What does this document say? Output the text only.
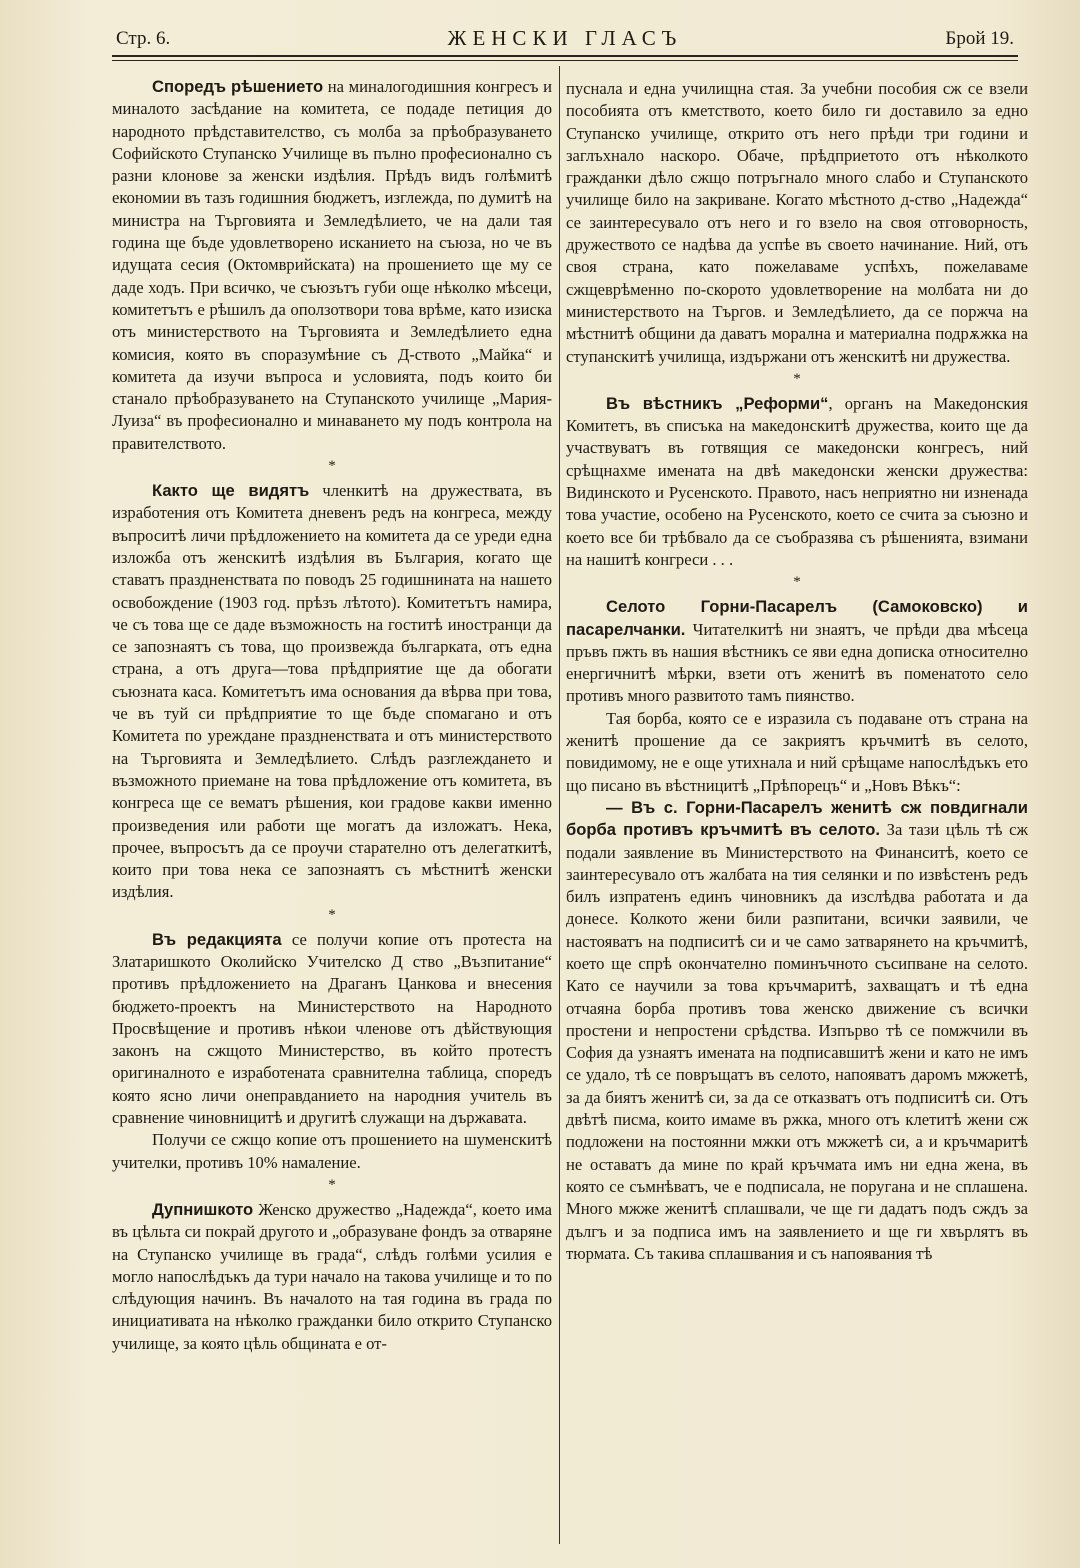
Стр. 6.	ЖЕНСКИ ГЛАСЪ	Брой 19.

Споредъ рѣшението на миналогодишния конгресъ и миналото засѣдание на комитета, се подаде петиция до народното прѣдставителство, съ молба за прѣобразуването Софийското Ступанско Училище въ пълно професионално съ разни клонове за женски издѣлия. Прѣдъ видъ голѣмитѣ економии въ тазъ годишния бюджетъ, изглежда, по думитѣ на министра на Търговията и Земледѣлието, че на дали тая година ще бъде удовлетворено исканието на съюза, но че въ идущата сесия (Октомврийската) на прошението ще му се даде ходъ. При всичко, че съюзътъ губи още нѣколко мѣсеци, комитетътъ е рѣшилъ да оползотвори това врѣме, като изиска отъ министерството на Търговията и Земледѣлието една комисия, която въ споразумѣние съ Д-ството „Майка“ и комитета да изучи въпроса и условията, подъ които би станало прѣобразуването на Ступанското училище „Мария-Луиза“ въ професионално и минаването му подъ контрола на правителството.

*

Както ще видятъ членкитѣ на дружествата, въ изработения отъ Комитета дневенъ редъ на конгреса, между въпроситѣ личи прѣдложението на комитета да се уреди една изложба отъ женскитѣ издѣлия въ България, когато ще ставатъ праздненствата по поводъ 25 годишнината на нашето освобождение (1903 год. прѣзъ лѣтото). Комитетътъ намира, че съ това ще се даде възможность на гоститѣ иностранци да се запознаятъ съ това, що произвежда българката, отъ една страна, а отъ друга—това прѣдприятие ще да обогати съюзната каса. Комитетътъ има основания да вѣрва при това, че въ туй си прѣдприятие то ще бъде спомагано и отъ Комитета по уреждане праздненствата и отъ министерството на Търговията и Земледѣлието. Слѣдъ разглеждането и възможното приемане на това прѣдложение отъ комитета, въ конгреса ще се вематъ рѣшения, кои градове какви именно произведения или работи ще могатъ да изложатъ. Нека, прочее, въпросътъ да се проучи старателно отъ делегаткитѣ, които при това нека се запознаятъ съ мѣстнитѣ женски издѣлия.

*

Въ редакцията се получи копие отъ протеста на Златаришкото Околийско Учителско Д ство „Възпитание“ противъ прѣдложението на Драганъ Цанкова и внесения бюджето-проектъ на Министерството на Народното Просвѣщение и противъ нѣкои членове отъ дѣйствующия законъ на сжщото Министерство, въ който протестъ оригиналното е изработената сравнителна таблица, споредъ която ясно личи онеправданието на народния учитель въ сравнение чиновницитѣ и другитѣ служащи на държавата.

Получи се сжщо копие отъ прошението на шуменскитѣ учителки, противъ 10% намаление.

*

Дупнишкото Женско дружество „Надежда“, което има въ цѣльта си покрай другото и „образуване фондъ за отваряне на Ступанско училище въ града“, слѣдъ голѣми усилия е могло напослѣдъкъ да тури начало на такова училище и то по слѣдующия начинъ. Въ началото на тая година въ града по инициативата на нѣколко гражданки било открито Ступанско училище, за която цѣль общината е от-

пуснала и една училищна стая. За учебни пособия сж се взели пособията отъ кметството, което било ги доставило за едно Ступанско училище, открито отъ него прѣди три години и заглъхнало наскоро. Обаче, прѣдприетото отъ нѣколкото гражданки дѣло сжщо потръгнало много слабо и Ступанското училище било на закриване. Когато мѣстното д-ство „Надежда“ се заинтересувало отъ него и го взело на своя отговорность, дружеството се надѣва да успѣе въ своето начинание. Ний, отъ своя страна, като пожелаваме успѣхъ, пожелаваме сжщеврѣменно по-скорото удовлетворение на молбата ни до министерството на Търгов. и Земледѣлието, да се поржча на мѣстнитѣ общини да даватъ морална и материална подрѫжка на ступанскитѣ училища, издържани отъ женскитѣ ни дружества.

*

Въ вѣстникъ „Реформи“, органъ на Македонския Комитетъ, въ списъка на македонскитѣ дружества, които ще да участвуватъ въ готвящия се македонски конгресъ, ний срѣщнахме имената на двѣ македонски женски дружества: Видинското и Русенското. Правото, насъ неприятно ни изненада това участие, особено на Русенското, което се счита за съюзно и което все би трѣбвало да се съобразява съ рѣшенията, взимани на нашитѣ конгреси . . .

*

Селото Горни-Пасарелъ (Самоковско) и пасарелчанки. Читателкитѣ ни знаятъ, че прѣди два мѣсеца пръвъ пжть въ нашия вѣстникъ се яви една дописка относително енергичнитѣ мѣрки, взети отъ женитѣ въ поменатото село противъ много развитото тамъ пиянство.

Тая борба, която се е изразила съ подаване отъ страна на женитѣ прошение да се закриятъ кръчмитѣ въ селото, повидимому, не е още утихнала и ний срѣщаме напослѣдъкъ ето що писано въ вѣстницитѣ „Прѣпорецъ“ и „Новъ Вѣкъ“:

— Въ с. Горни-Пасарелъ женитѣ сж повдигнали борба противъ кръчмитѣ въ селото. За тази цѣль тѣ сж подали заявление въ Министерството на Финанситѣ, което се заинтересувало отъ жалбата на тия селянки и по извѣстенъ редъ билъ изпратенъ единъ чиновникъ да изслѣдва работата и да донесе. Колкото жени били разпитани, всички заявили, че настояватъ на подписитѣ си и че само затварянето на кръчмитѣ, което ще спрѣ окончателно поминъчното съсипване на селото. Като се научили за това кръчмаритѣ, захващатъ и тѣ една отчаяна борба противъ това женско движение съ всички простени и непростени срѣдства. Изпърво тѣ се помжчили въ София да узнаятъ имената на подписавшитѣ жени и като не имъ се удало, тѣ се повръщатъ въ селото, напояватъ даромъ мжжетѣ, за да биятъ женитѣ си, за да се отказватъ отъ подписитѣ си. Отъ двѣтѣ писма, които имаме въ ржка, много отъ клетитѣ жени сж подложени на постоянни мжки отъ мжжетѣ си, а и кръчмаритѣ не оставатъ да мине по край кръчмата имъ ни една жена, въ която се съмнѣватъ, че е подписала, не поругана и не сплашена. Много мжже женитѣ сплашвали, че ще ги дадатъ подъ сждъ за дългъ и за подписа имъ на заявлението и ще ги хвърлятъ въ тюрмата. Съ такива сплашвания и съ напоявания тѣ
